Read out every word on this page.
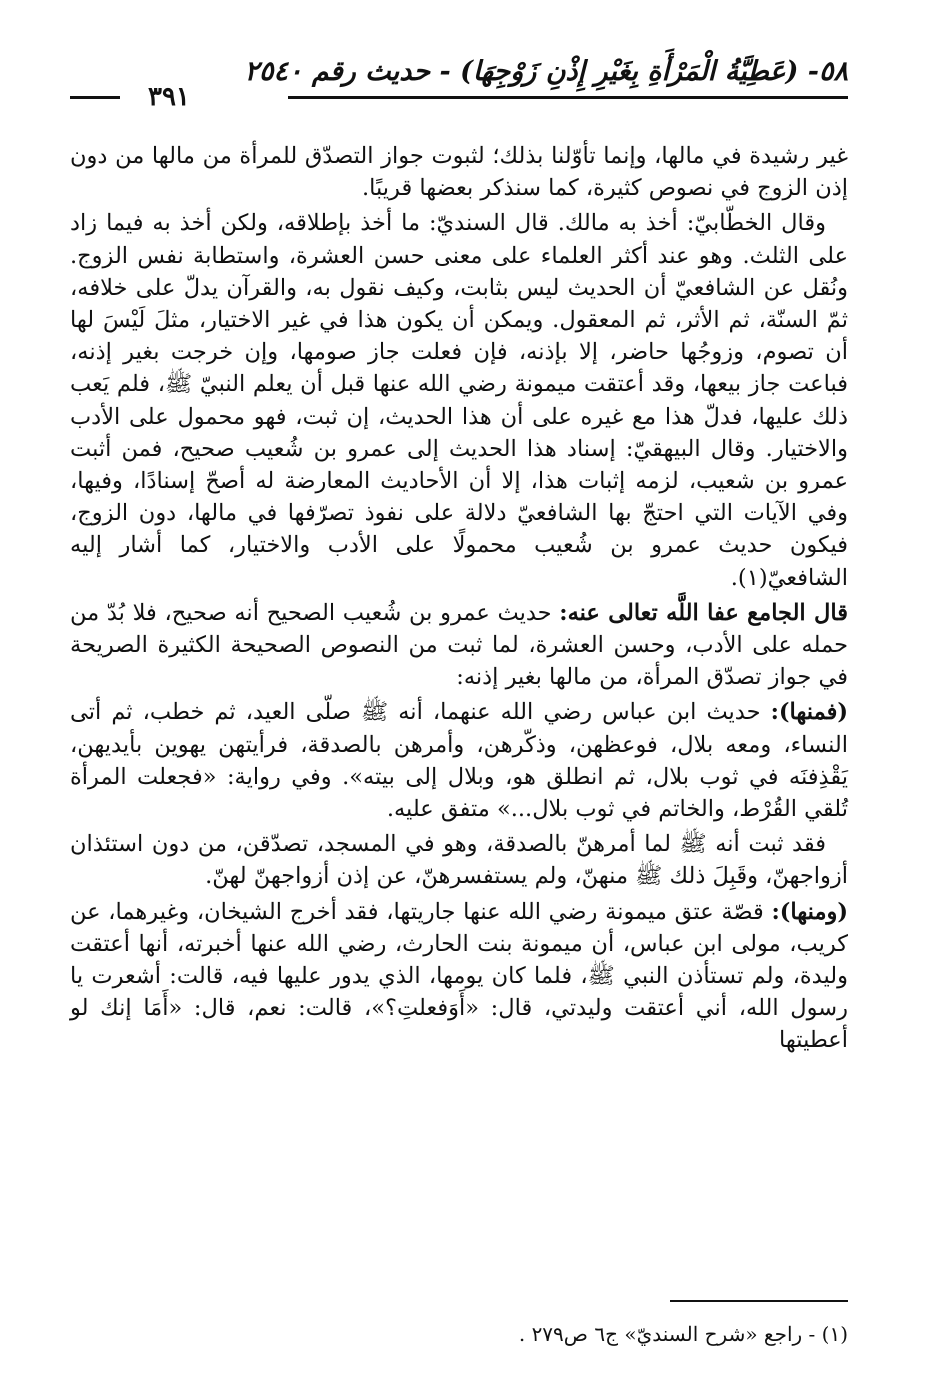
٥٨- (عَطِيَّةُ الْمَرْأَةِ بِغَيْرِ إِذْنِ زَوْجِهَا) - حديث رقم ٢٥٤٠
٣٩١

غير رشيدة في مالها، وإنما تأوّلنا بذلك؛ لثبوت جواز التصدّق للمرأة من مالها من دون إذن الزوج في نصوص كثيرة، كما سنذكر بعضها قريبًا.

وقال الخطّابيّ: أخذ به مالك. قال السنديّ: ما أخذ بإطلاقه، ولكن أخذ به فيما زاد على الثلث. وهو عند أكثر العلماء على معنى حسن العشرة، واستطابة نفس الزوج. ونُقل عن الشافعيّ أن الحديث ليس بثابت، وكيف نقول به، والقرآن يدلّ على خلافه، ثمّ السنّة، ثم الأثر، ثم المعقول. ويمكن أن يكون هذا في غير الاختيار، مثلَ لَيْسَ لها أن تصوم، وزوجُها حاضر، إلا بإذنه، فإن فعلت جاز صومها، وإن خرجت بغير إذنه، فباعت جاز بيعها، وقد أعتقت ميمونة رضي الله عنها قبل أن يعلم النبيّ ﷺ، فلم يَعب ذلك عليها، فدلّ هذا مع غيره على أن هذا الحديث، إن ثبت، فهو محمول على الأدب والاختيار. وقال البيهقيّ: إسناد هذا الحديث إلى عمرو بن شُعيب صحيح، فمن أثبت عمرو بن شعيب، لزمه إثبات هذا، إلا أن الأحاديث المعارضة له أصحّ إسنادًا، وفيها، وفي الآيات التي احتجّ بها الشافعيّ دلالة على نفوذ تصرّفها في مالها، دون الزوج، فيكون حديث عمرو بن شُعيب محمولًا على الأدب والاختيار، كما أشار إليه الشافعيّ(١).

قال الجامع عفا اللَّه تعالى عنه: حديث عمرو بن شُعيب الصحيح أنه صحيح، فلا بُدّ من حمله على الأدب، وحسن العشرة، لما ثبت من النصوص الصحيحة الكثيرة الصريحة في جواز تصدّق المرأة، من مالها بغير إذنه:

(فمنها): حديث ابن عباس رضي الله عنهما، أنه ﷺ صلّى العيد، ثم خطب، ثم أتى النساء، ومعه بلال، فوعظهن، وذكّرهن، وأمرهن بالصدقة، فرأيتهن يهوين بأيديهن، يَقْذِفنَه في ثوب بلال، ثم انطلق هو، وبلال إلى بيته». وفي رواية: «فجعلت المرأة تُلقي القُرْط، والخاتم في ثوب بلال...» متفق عليه.

فقد ثبت أنه ﷺ لما أمرهنّ بالصدقة، وهو في المسجد، تصدّقن، من دون استئذان أزواجهنّ، وقَبِلَ ذلك ﷺ منهنّ، ولم يستفسرهنّ، عن إذن أزواجهنّ لهنّ.

(ومنها): قصّة عتق ميمونة رضي الله عنها جاريتها، فقد أخرج الشيخان، وغيرهما، عن كريب، مولى ابن عباس، أن ميمونة بنت الحارث، رضي الله عنها أخبرته، أنها أعتقت وليدة، ولم تستأذن النبي ﷺ، فلما كان يومها، الذي يدور عليها فيه، قالت: أشعرت يا رسول الله، أني أعتقت وليدتي، قال: «أَوَفعلتِ؟»، قالت: نعم، قال: «أَمَا إنك لو أعطيتها

(١) - راجع «شرح السنديّ» ج٦ ص٢٧٩ .
